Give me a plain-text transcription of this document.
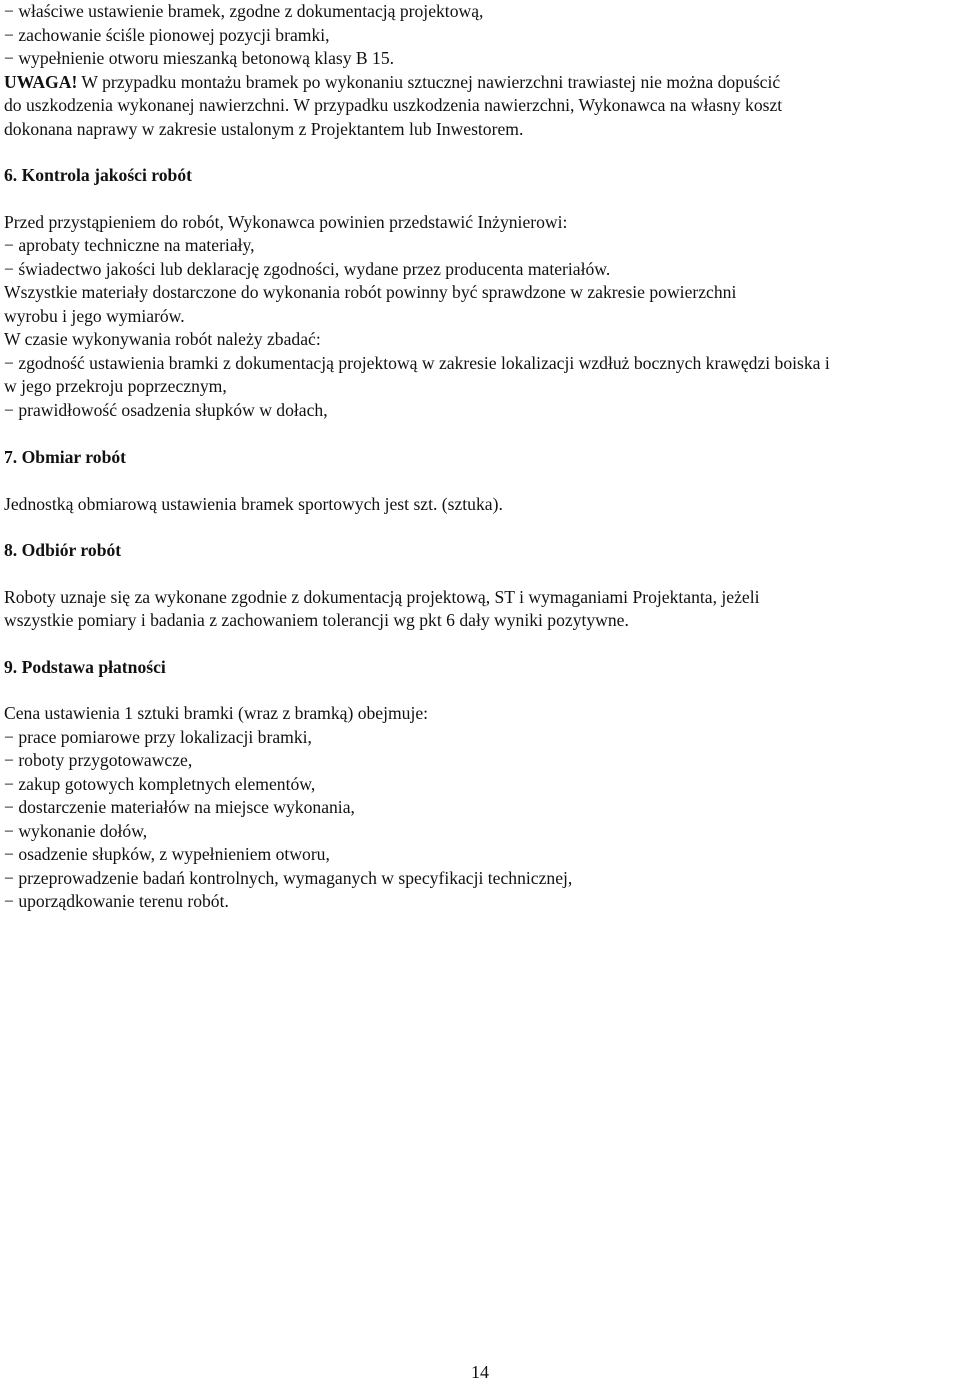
− właściwe ustawienie bramek, zgodne z dokumentacją projektową,

− zachowanie ściśle pionowej pozycji bramki,

− wypełnienie otworu mieszanką betonową klasy B 15.

UWAGA! W przypadku montażu bramek po wykonaniu sztucznej nawierzchni trawiastej nie można dopuścić

do uszkodzenia wykonanej nawierzchni. W przypadku uszkodzenia nawierzchni, Wykonawca na własny koszt

dokonana naprawy w zakresie ustalonym z Projektantem lub Inwestorem.

6. Kontrola jakości robót

Przed przystąpieniem do robót, Wykonawca powinien przedstawić Inżynierowi:

− aprobaty techniczne na materiały,

− świadectwo jakości lub deklarację zgodności, wydane przez producenta materiałów.

Wszystkie materiały dostarczone do wykonania robót powinny być sprawdzone w zakresie powierzchni

wyrobu i jego wymiarów.

W czasie wykonywania robót należy zbadać:

− zgodność ustawienia bramki z dokumentacją projektową w zakresie lokalizacji wzdłuż bocznych krawędzi boiska i

w jego przekroju poprzecznym,

− prawidłowość osadzenia słupków w dołach,

7. Obmiar robót

Jednostką obmiarową ustawienia bramek sportowych jest szt. (sztuka).

8. Odbiór robót

Roboty uznaje się za wykonane zgodnie z dokumentacją projektową, ST i wymaganiami Projektanta, jeżeli

wszystkie pomiary i badania z zachowaniem tolerancji wg pkt 6 dały wyniki pozytywne.

9. Podstawa płatności

Cena ustawienia 1 sztuki bramki (wraz z bramką) obejmuje:

− prace pomiarowe przy lokalizacji bramki,

− roboty przygotowawcze,

− zakup gotowych kompletnych elementów,

− dostarczenie materiałów na miejsce wykonania,

− wykonanie dołów,

− osadzenie słupków, z wypełnieniem otworu,

− przeprowadzenie badań kontrolnych, wymaganych w specyfikacji technicznej,

− uporządkowanie terenu robót.

14
